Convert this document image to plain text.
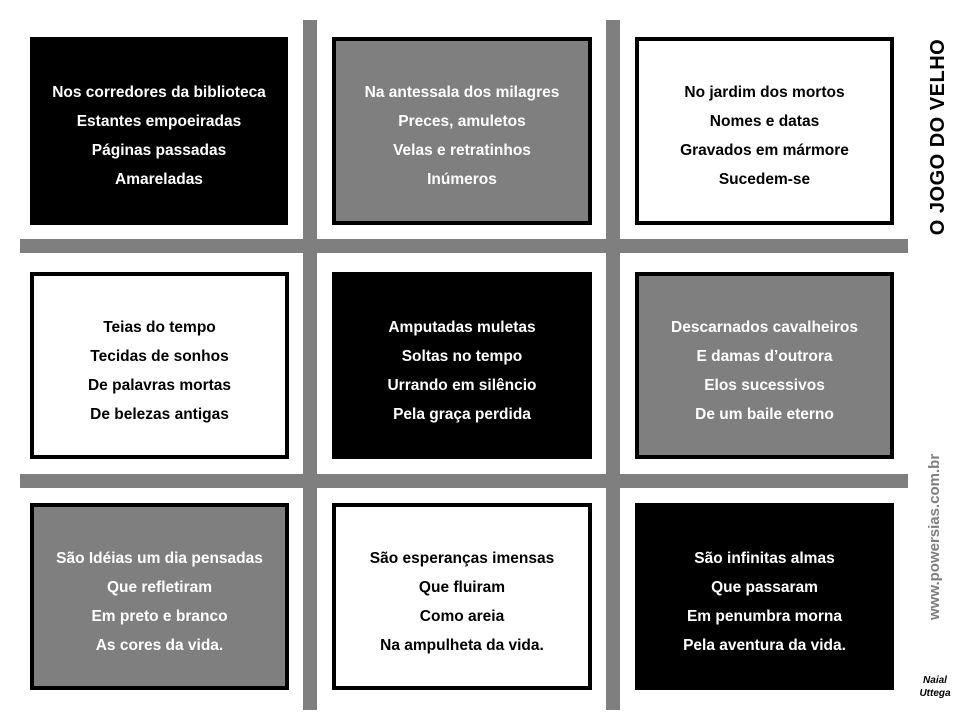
Nos corredores da biblioteca
Estantes empoeiradas
Páginas passadas
Amareladas
Na antessala dos milagres
Preces, amuletos
Velas e retratinhos
Inúmeros
No jardim dos mortos
Nomes e datas
Gravados em mármore
Sucedem-se
Teias do tempo
Tecidas de sonhos
De palavras mortas
De belezas antigas
Amputadas muletas
Soltas no tempo
Urrando em silêncio
Pela graça perdida
Descarnados cavalheiros
E damas d’outrora
Elos sucessivos
De um baile eterno
São Idéias um dia pensadas
Que refletiram
Em preto e branco
As cores da vida.
São esperanças imensas
Que fluiram
Como areia
Na ampulheta da vida.
São infinitas almas
Que passaram
Em penumbra morna
Pela aventura da vida.
O JOGO DO VELHO
www.powersias.com.br
Naial
Uttega
